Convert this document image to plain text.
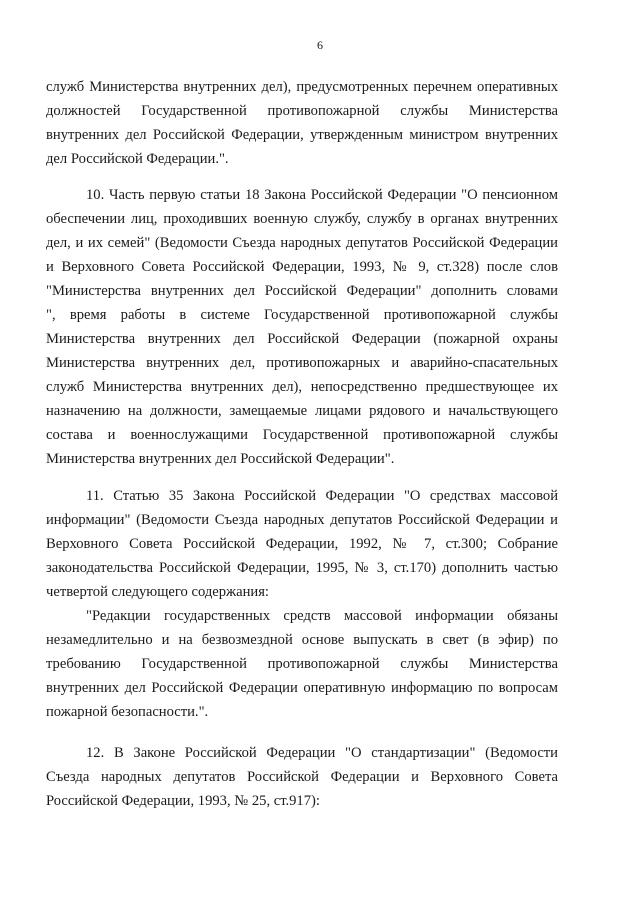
6
служб Министерства внутренних дел), предусмотренных перечнем оперативных
должностей Государственной противопожарной службы Министерства
внутренних дел Российской Федерации, утвержденным министром внутренних
дел Российской Федерации.".
10. Часть первую статьи 18 Закона Российской Федерации "О пенсионном
обеспечении лиц, проходивших военную службу, службу в органах внутренних
дел, и их семей" (Ведомости Съезда народных депутатов Российской Федерации
и Верховного Совета Российской Федерации, 1993, № 9, ст.328) после слов
"Министерства внутренних дел Российской Федерации" дополнить словами
", время работы в системе Государственной противопожарной службы
Министерства внутренних дел Российской Федерации (пожарной охраны
Министерства внутренних дел, противопожарных и аварийно-спасательных
служб Министерства внутренних дел), непосредственно предшествующее их
назначению на должности, замещаемые лицами рядового и начальствующего
состава и военнослужащими Государственной противопожарной службы
Министерства внутренних дел Российской Федерации".
11. Статью 35 Закона Российской Федерации "О средствах массовой
информации" (Ведомости Съезда народных депутатов Российской Федерации и
Верховного Совета Российской Федерации, 1992, № 7, ст.300; Собрание
законодательства Российской Федерации, 1995, № 3, ст.170) дополнить частью
четвертой следующего содержания:
"Редакции государственных средств массовой информации обязаны
незамедлительно и на безвозмездной основе выпускать в свет (в эфир) по
требованию Государственной противопожарной службы Министерства
внутренних дел Российской Федерации оперативную информацию по вопросам
пожарной безопасности.".
12. В Законе Российской Федерации "О стандартизации" (Ведомости
Съезда народных депутатов Российской Федерации и Верховного Совета
Российской Федерации, 1993, № 25, ст.917):
